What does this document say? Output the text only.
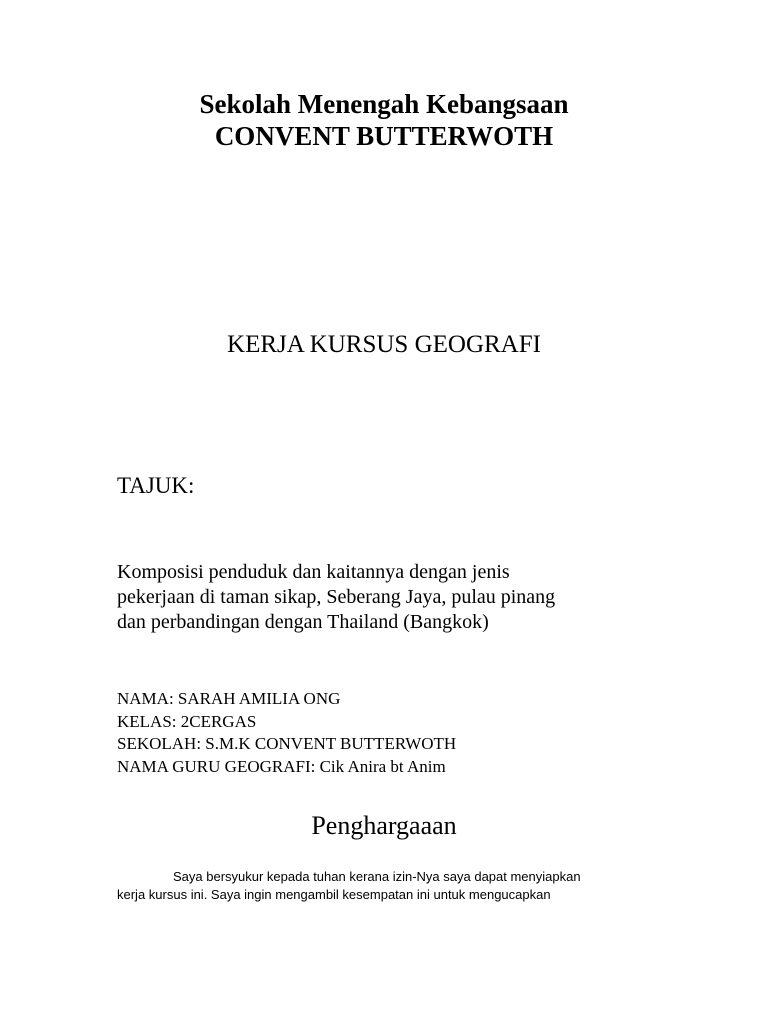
Sekolah Menengah Kebangsaan
CONVENT BUTTERWOTH
KERJA KURSUS GEOGRAFI
TAJUK:
Komposisi penduduk dan kaitannya dengan jenis
pekerjaan di taman sikap, Seberang Jaya, pulau pinang
dan perbandingan dengan Thailand (Bangkok)
NAMA: SARAH AMILIA ONG
KELAS: 2CERGAS
SEKOLAH: S.M.K CONVENT BUTTERWOTH
NAMA GURU GEOGRAFI: Cik Anira bt Anim
Penghargaaan
Saya bersyukur kepada tuhan kerana izin-Nya saya dapat menyiapkan
kerja kursus ini. Saya ingin mengambil kesempatan ini untuk mengucapkan
